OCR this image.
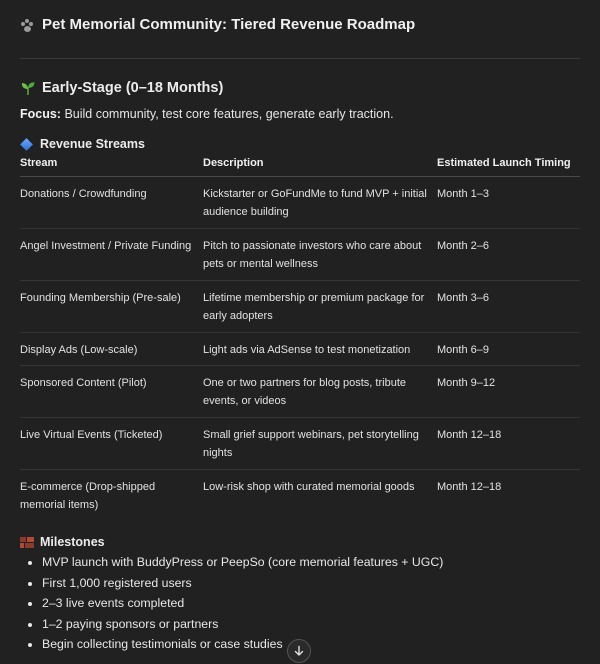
Pet Memorial Community: Tiered Revenue Roadmap
Early-Stage (0–18 Months)
Focus: Build community, test core features, generate early traction.
Revenue Streams
Stream	Description	Estimated Launch Timing
Donations / Crowdfunding	Kickstarter or GoFundMe to fund MVP + initial audience building	Month 1–3
Angel Investment / Private Funding	Pitch to passionate investors who care about pets or mental wellness	Month 2–6
Founding Membership (Pre-sale)	Lifetime membership or premium package for early adopters	Month 3–6
Display Ads (Low-scale)	Light ads via AdSense to test monetization	Month 6–9
Sponsored Content (Pilot)	One or two partners for blog posts, tribute events, or videos	Month 9–12
Live Virtual Events (Ticketed)	Small grief support webinars, pet storytelling nights	Month 12–18
E-commerce (Drop-shipped memorial items)	Low-risk shop with curated memorial goods	Month 12–18
Milestones
• MVP launch with BuddyPress or PeepSo (core memorial features + UGC)
• First 1,000 registered users
• 2–3 live events completed
• 1–2 paying sponsors or partners
• Begin collecting testimonials or case studies
